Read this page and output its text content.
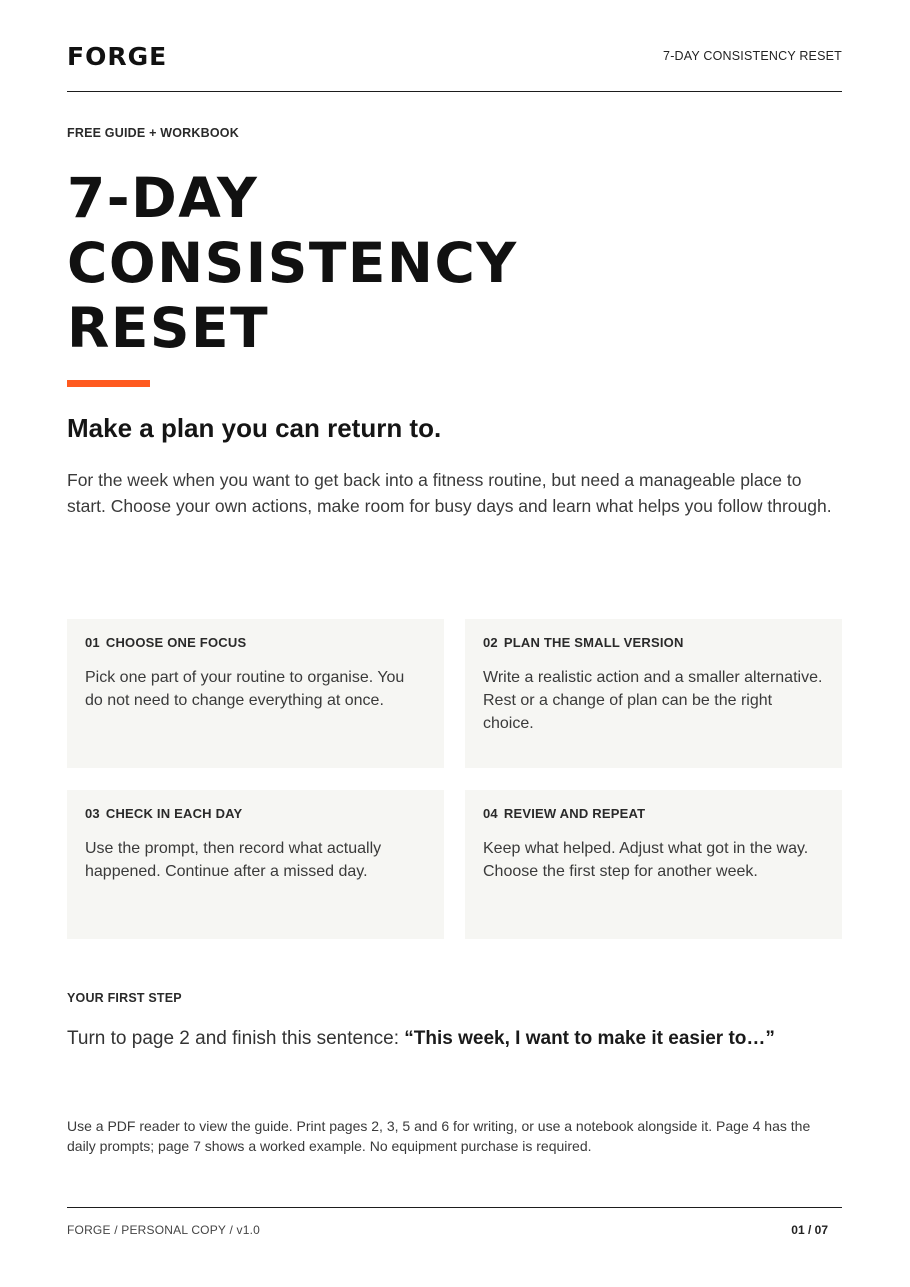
FORGE	7-DAY CONSISTENCY RESET
FREE GUIDE + WORKBOOK
7-DAY
CONSISTENCY
RESET
Make a plan you can return to.

For the week when you want to get back into a fitness routine, but need a manageable place to start. Choose your own actions, make room for busy days and learn what helps you follow through.

01 CHOOSE ONE FOCUS
Pick one part of your routine to organise. You do not need to change everything at once.
02 PLAN THE SMALL VERSION
Write a realistic action and a smaller alternative. Rest or a change of plan can be the right choice.
03 CHECK IN EACH DAY
Use the prompt, then record what actually happened. Continue after a missed day.
04 REVIEW AND REPEAT
Keep what helped. Adjust what got in the way. Choose the first step for another week.
YOUR FIRST STEP
Turn to page 2 and finish this sentence: “This week, I want to make it easier to…”

Use a PDF reader to view the guide. Print pages 2, 3, 5 and 6 for writing, or use a notebook alongside it. Page 4 has the daily prompts; page 7 shows a worked example. No equipment purchase is required.

FORGE / PERSONAL COPY / v1.0	01 / 07
